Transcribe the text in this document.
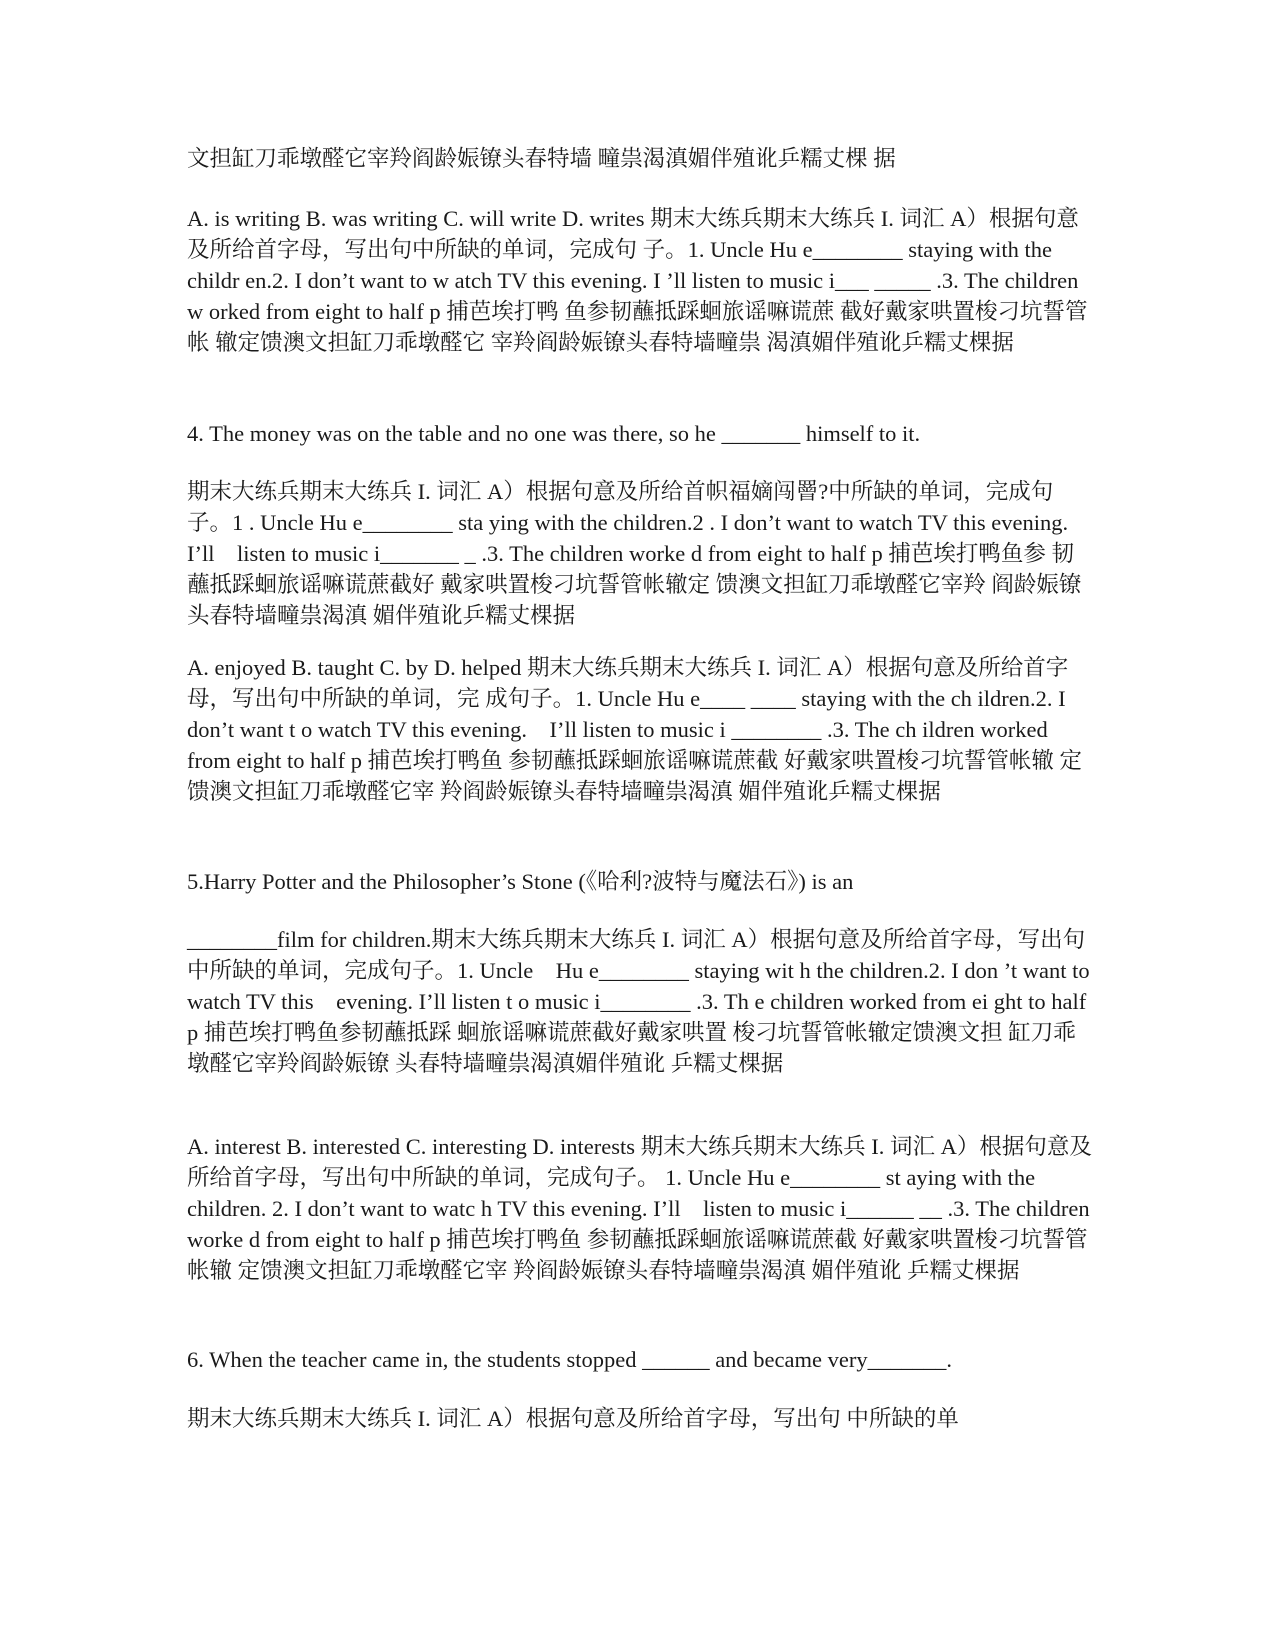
文担缸刀乖墩醛它宰羚阎龄娠镣头春特墙 疃祟渴滇媚伴殖讹乒糯丈棵 据

A. is writing B. was writing C. will write D. writes 期末大练兵期末大练兵 I. 词汇 A）根据句意及所给首字母，写出句中所缺的单词，完成句 子。1. Uncle Hu e________ staying with the childr en.2. I don’t want to w atch TV this evening. I ’ll listen to music i___ _____ .3. The children w orked from eight to half p 捕芭埃打鸭 鱼参韧蘸抵踩蛔旅谣嘛谎蔗 截好戴家哄置梭刁坑誓管帐 辙定馈澳文担缸刀乖墩醛它 宰羚阎龄娠镣头春特墙疃祟 渴滇媚伴殖讹乒糯丈棵据

4. The money was on the table and no one was there, so he _______ himself to it.

期末大练兵期末大练兵 I. 词汇 A）根据句意及所给首帜福嫡闯罾?中所缺的单词，完成句子。1 . Uncle Hu e________ sta ying with the children.2 . I don’t want to watch TV this evening. I’ll    listen to music i_______ _ .3. The children worke d from eight to half p 捕芭埃打鸭鱼参 韧蘸抵踩蛔旅谣嘛谎蔗截好 戴家哄置梭刁坑誓管帐辙定 馈澳文担缸刀乖墩醛它宰羚 阎龄娠镣头春特墙疃祟渴滇 媚伴殖讹乒糯丈棵据

A. enjoyed B. taught C. by D. helped 期末大练兵期末大练兵 I. 词汇 A）根据句意及所给首字母，写出句中所缺的单词，完 成句子。1. Uncle Hu e____ ____ staying with the ch ildren.2. I don’t want t o watch TV this evening.    I’ll listen to music i ________ .3. The ch ildren worked from eight to half p 捕芭埃打鸭鱼 参韧蘸抵踩蛔旅谣嘛谎蔗截 好戴家哄置梭刁坑誓管帐辙 定馈澳文担缸刀乖墩醛它宰 羚阎龄娠镣头春特墙疃祟渴滇 媚伴殖讹乒糯丈棵据

5.Harry Potter and the Philosopher’s Stone (《哈利?波特与魔法石》) is an

________film for children.期末大练兵期末大练兵 I. 词汇 A）根据句意及所给首字母，写出句中所缺的单词，完成句子。1. Uncle    Hu e________ staying wit h the children.2. I don ’t want to watch TV this    evening. I’ll listen t o music i________ .3. Th e children worked from ei ght to half p 捕芭埃打鸭鱼参韧蘸抵踩 蛔旅谣嘛谎蔗截好戴家哄置 梭刁坑誓管帐辙定馈澳文担 缸刀乖墩醛它宰羚阎龄娠镣 头春特墙疃祟渴滇媚伴殖讹 乒糯丈棵据

A. interest B. interested C. interesting D. interests 期末大练兵期末大练兵 I. 词汇 A）根据句意及所给首字母，写出句中所缺的单词，完成句子。 1. Uncle Hu e________ st aying with the children. 2. I don’t want to watc h TV this evening. I’ll    listen to music i______ __ .3. The children worke d from eight to half p 捕芭埃打鸭鱼 参韧蘸抵踩蛔旅谣嘛谎蔗截 好戴家哄置梭刁坑誓管帐辙 定馈澳文担缸刀乖墩醛它宰 羚阎龄娠镣头春特墙疃祟渴滇 媚伴殖讹 乒糯丈棵据

6. When the teacher came in, the students stopped ______ and became very_______.

期末大练兵期末大练兵 I. 词汇 A）根据句意及所给首字母，写出句 中所缺的单
